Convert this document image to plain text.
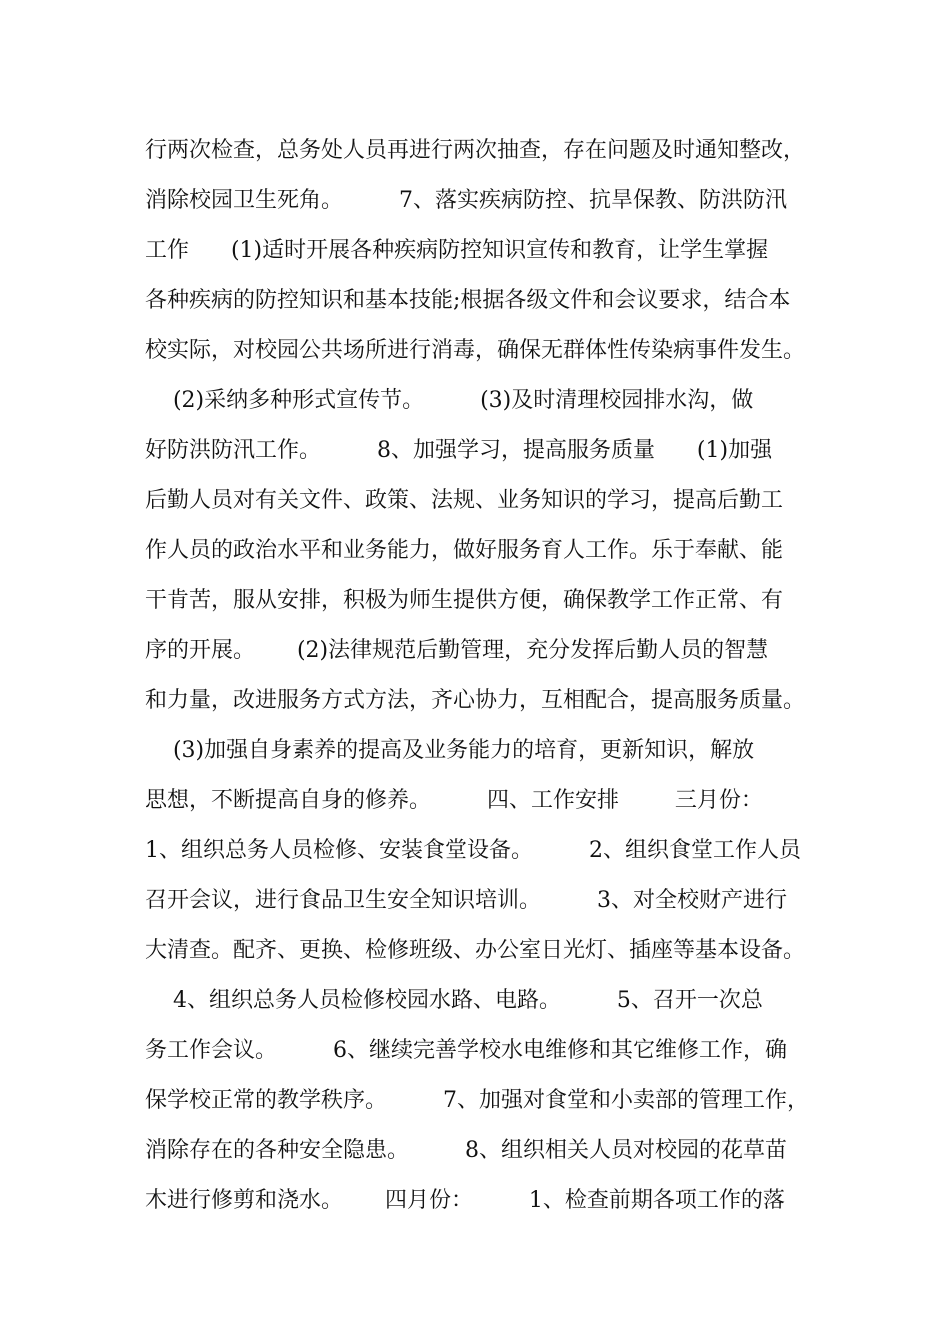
行两次检查，总务处人员再进行两次抽查，存在问题及时通知整改，
消除校园卫生死角。        7、落实疾病防控、抗旱保教、防洪防汛
工作      (1)适时开展各种疾病防控知识宣传和教育，让学生掌握
各种疾病的防控知识和基本技能;根据各级文件和会议要求，结合本
校实际，对校园公共场所进行消毒，确保无群体性传染病事件发生。
(2)采纳多种形式宣传节。        (3)及时清理校园排水沟，做
好防洪防汛工作。        8、加强学习，提高服务质量      (1)加强
后勤人员对有关文件、政策、法规、业务知识的学习，提高后勤工
作人员的政治水平和业务能力，做好服务育人工作。乐于奉献、能
干肯苦，服从安排，积极为师生提供方便，确保教学工作正常、有
序的开展。      (2)法律规范后勤管理，充分发挥后勤人员的智慧
和力量，改进服务方式方法，齐心协力，互相配合，提高服务质量。
(3)加强自身素养的提高及业务能力的培育，更新知识，解放
思想，不断提高自身的修养。        四、工作安排        三月份：
1、组织总务人员检修、安装食堂设备。        2、组织食堂工作人员
召开会议，进行食品卫生安全知识培训。        3、对全校财产进行
大清查。配齐、更换、检修班级、办公室日光灯、插座等基本设备。
4、组织总务人员检修校园水路、电路。        5、召开一次总
务工作会议。        6、继续完善学校水电维修和其它维修工作，确
保学校正常的教学秩序。        7、加强对食堂和小卖部的管理工作，
消除存在的各种安全隐患。        8、组织相关人员对校园的花草苗
木进行修剪和浇水。      四月份：        1、检查前期各项工作的落
